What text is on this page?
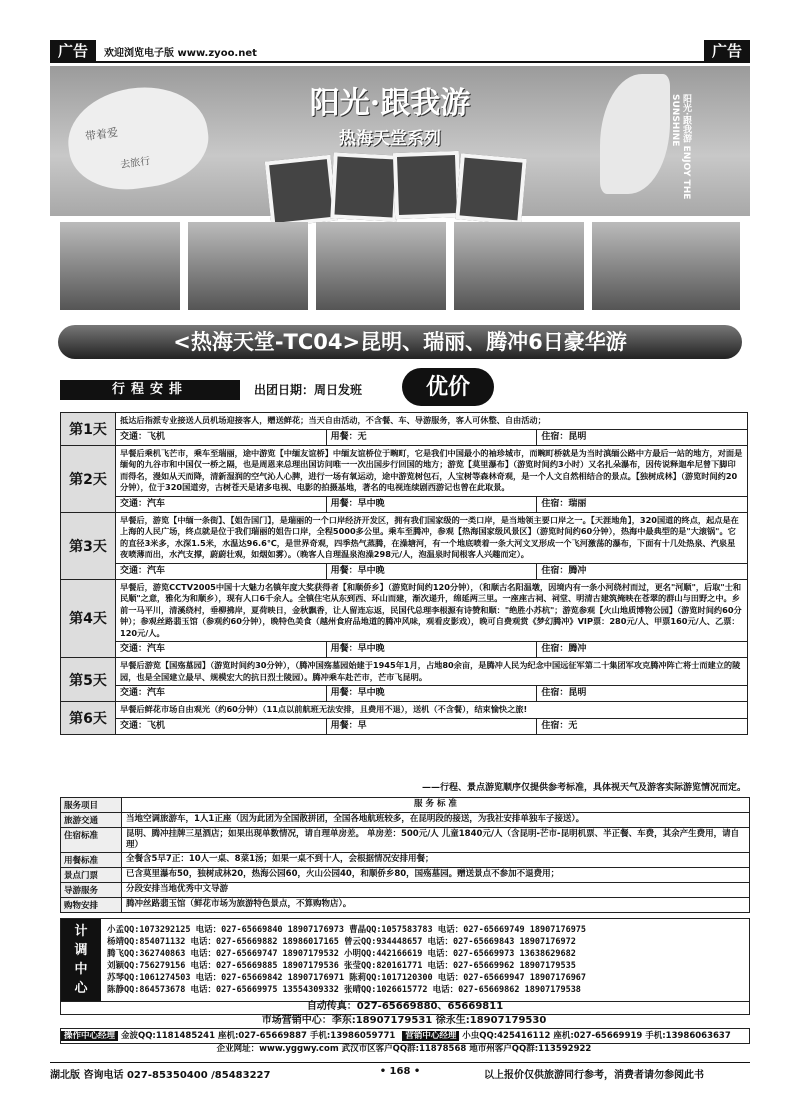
广告	欢迎浏览电子版 www.zyoo.net	广告
带着爱
去旅行
阳光·跟我游
热海天堂系列	阳光·跟我游 ENJOY THE SUNSHINE
<热海天堂-TC04>昆明、瑞丽、腾冲6日豪华游
行程安排	出团日期：周日发班	优价
第1天
抵达后指派专业接送人员机场迎接客人，赠送鲜花；当天自由活动，不含餐、车、导游服务，客人可休整、自由活动；
交通：飞机	用餐：无	住宿：昆明
第2天
早餐后乘机飞芒市，乘车至瑞丽，途中游览【中缅友谊桥】中缅友谊桥位于畹町，它是我们中国最小的袖珍城市，而畹町桥就是为当时滇缅公路中方最后一站的地方，对面是缅甸的九谷市和中国仅一桥之隔，也是周恩来总理出国访问唯一一次出国步行回国的地方；游览【莫里瀑布】（游览时间约3小时）又名扎朵瀑布，因传说释迦牟尼曾下脚印而得名，漫如从天而降，清新湿润的空气沁人心脾，进行一场有氧运动，途中游览树包石，人宝树等森林奇观，是一个人文自然相结合的景点。【独树成林】（游览时间约20分钟），位于320国道旁，古树苍天是诸多电视、电影的拍摄基地，著名的电视连续剧西游记也曾在此取景。
交通：汽车	用餐：早中晚	住宿：瑞丽
第3天
早餐后，游览【中缅一条街】、【姐告国门】，是瑞丽的一个口岸经济开发区，拥有我们国家级的一类口岸，是当地领主要口岸之一。【天涯地角】，320国道的终点，起点是在上海的人民广场，终点就是位于我们瑞丽的姐告口岸，全程5000多公里。乘车至腾冲，参观【热海国家级风景区】（游览时间约60分钟），热海中最典型的是"大滚锅"。它的直径3米多，水深1.5米，水温达96.6℃，是世界奇观，四季热气蒸腾，在澡塘河，有一个地底喷着一条大河文叉形成一个飞河激荡的瀑布，下面有十几处热泉、汽泉星夜喷薄而出，水汽支撑，蔚蔚壮观，如烟如雾）。（晚客人自理温泉泡澡298元/人，泡温泉时间根客人兴趣而定）。
交通：汽车	用餐：早中晚	住宿：腾冲
第4天
早餐后，游览CCTV2005中国十大魅力名镇年度大奖获得者【和顺侨乡】（游览时间约120分钟），（和顺古名阳温墩，因境内有一条小河绕村而过，更名"河顺"，后取"士和民顺"之意，雅化为和顺乡），现有人口6千余人。全镇住宅从东到西、环山而建，渐次递升，绵延两三里。一座座古祠、祠堂、明清古建筑掩映在苍翠的群山与田野之中。乡前一马平川，清溪绕村，垂柳拂岸，夏荷映日，金秋飘香，让人留连忘返，民国代总理李根源有诗赞和顺："绝胜小苏杭"；游览参观【火山地质博物公园】（游览时间约60分钟）；参观丝路翡玉馆（参观约60分钟），晚特色美食（越州食府品地道的腾冲风味，观看皮影戏），晚可自费观赏《梦幻腾冲》VIP票：280元/人、甲票160元/人、乙票：120元/人。
交通：汽车	用餐：早中晚	住宿：腾冲
第5天
早餐后游览【国殇墓园】（游览时间约30分钟），（腾冲国殇墓园始建于1945年1月，占地80余亩，是腾冲人民为纪念中国远征军第二十集团军攻克腾冲阵亡将士而建立的陵园，也是全国建立最早、规模宏大的抗日烈士陵园）。腾冲乘车赴芒市，芒市飞昆明。
交通：汽车	用餐：早中晚	住宿：昆明
第6天
早餐后鲜花市场自由观光（约60分钟）（11点以前航班无法安排，且费用不退），送机（不含餐），结束愉快之旅!
交通：飞机	用餐：早	住宿：无
——行程、景点游览顺序仅提供参考标准，具体视天气及游客实际游览情况而定。
服务项目	服 务 标 准
旅游交通	当地空调旅游车，1人1正座（因为此团为全国散拼团，全国各地航班较多，在昆明段的接送，为我社安排单独车子接送）。
住宿标准	昆明、腾冲挂牌三星酒店；如果出现单数情况，请自理单房差。 单房差：500元/人 儿童1840元/人（含昆明-芒市-昆明机票、半正餐、车费，其余产生费用，请自理）
用餐标准	全餐含5早7正：10人一桌、8菜1汤；如果一桌不到十人，会根据情况安排用餐；
景点门票	已含莫里瀑布50，独树成林20，热海公园60，火山公园40，和顺侨乡80，国殇墓园。赠送景点不参加不退费用；
导游服务	分段安排当地优秀中文导游
购物安排	腾冲丝路翡玉馆（鲜花市场为旅游特色景点，不算购物店）。
计
调
中
心
小孟QQ:1073292125 电话：027-65669840 18907176973 曹晶QQ:1057583783 电话：027-65669749 18907176975
杨靖QQ:854071132 电话：027-65669882 18986017165 曾云QQ:934448657 电话：027-65669843 18907176972
腾飞QQ:362740863 电话：027-65669747 18907179532 小明QQ:442166619 电话：027-65669973 13638629682
刘颖QQ:756279156 电话：027-65669885 18907179536 张莹QQ:820161771 电话：027-65669962 18907179535
苏琴QQ:1061274503 电话：027-65669842 18907176971 陈莉QQ:1017120300 电话：027-65669947 18907176967
陈静QQ:864573678 电话：027-65669975 13554309332 张晴QQ:1026615772 电话：027-65669862 18907179538
自动传真：027-65669880、65669811
市场营销中心：李东:18907179531 徐永生:18907179530
操作中心经理 金波QQ:1181485241 座机:027-65669887 手机:13986059771 营销中心经理 小虫QQ:425416112 座机:027-65669919 手机:13986063637
企业网址：www.yggwy.com 武汉市区客户QQ群:11878568 地市州客户QQ群:113592922
湖北版 咨询电话 027-85350400 /85483227	• 168 •	以上报价仅供旅游同行参考，消费者请勿参阅此书
